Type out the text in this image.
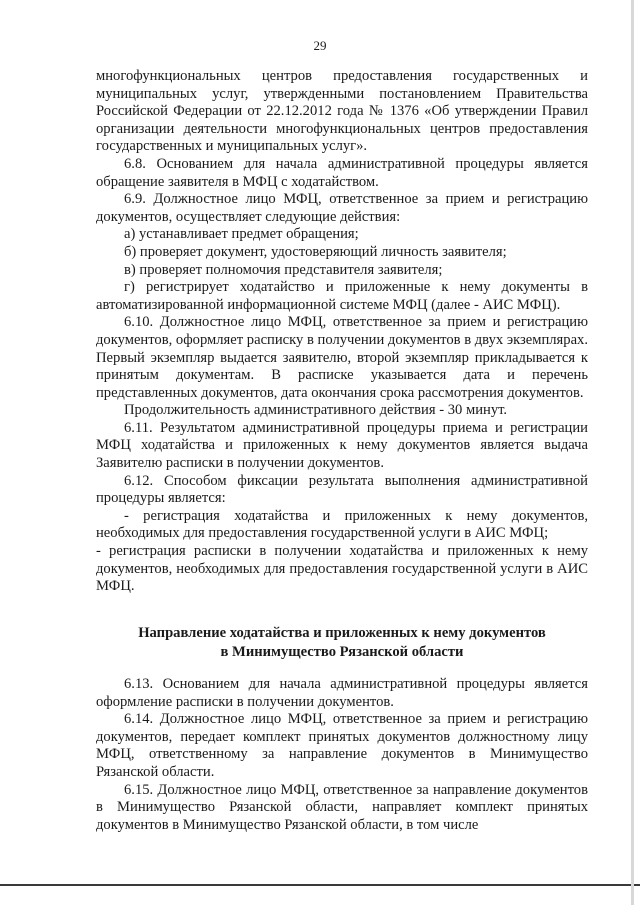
29

многофункциональных центров предоставления государственных и муниципальных услуг, утвержденными постановлением Правительства Российской Федерации от 22.12.2012 года № 1376 «Об утверждении Правил организации деятельности многофункциональных центров предоставления государственных и муниципальных услуг».

6.8. Основанием для начала административной процедуры является обращение заявителя в МФЦ с ходатайством.

6.9. Должностное лицо МФЦ, ответственное за прием и регистрацию документов, осуществляет следующие действия:

а) устанавливает предмет обращения;

б) проверяет документ, удостоверяющий личность заявителя;

в) проверяет полномочия представителя заявителя;

г) регистрирует ходатайство и приложенные к нему документы в автоматизированной информационной системе МФЦ (далее - АИС МФЦ).

6.10. Должностное лицо МФЦ, ответственное за прием и регистрацию документов, оформляет расписку в получении документов в двух экземплярах. Первый экземпляр выдается заявителю, второй экземпляр прикладывается к принятым документам. В расписке указывается дата и перечень представленных документов, дата окончания срока рассмотрения документов.

Продолжительность административного действия - 30 минут.

6.11. Результатом административной процедуры приема и регистрации МФЦ ходатайства и приложенных к нему документов является выдача Заявителю расписки в получении документов.

6.12. Способом фиксации результата выполнения административной процедуры является:

- регистрация ходатайства и приложенных к нему документов, необходимых для предоставления государственной услуги в АИС МФЦ;

- регистрация расписки в получении ходатайства и приложенных к нему документов, необходимых для предоставления государственной услуги в АИС МФЦ.

Направление ходатайства и приложенных к нему документов
в Минимущество Рязанской области

6.13. Основанием для начала административной процедуры является оформление расписки в получении документов.

6.14. Должностное лицо МФЦ, ответственное за прием и регистрацию документов, передает комплект принятых документов должностному лицу МФЦ, ответственному за направление документов в Минимущество Рязанской области.

6.15. Должностное лицо МФЦ, ответственное за направление документов в Минимущество Рязанской области, направляет комплект принятых документов в Минимущество Рязанской области, в том числе
